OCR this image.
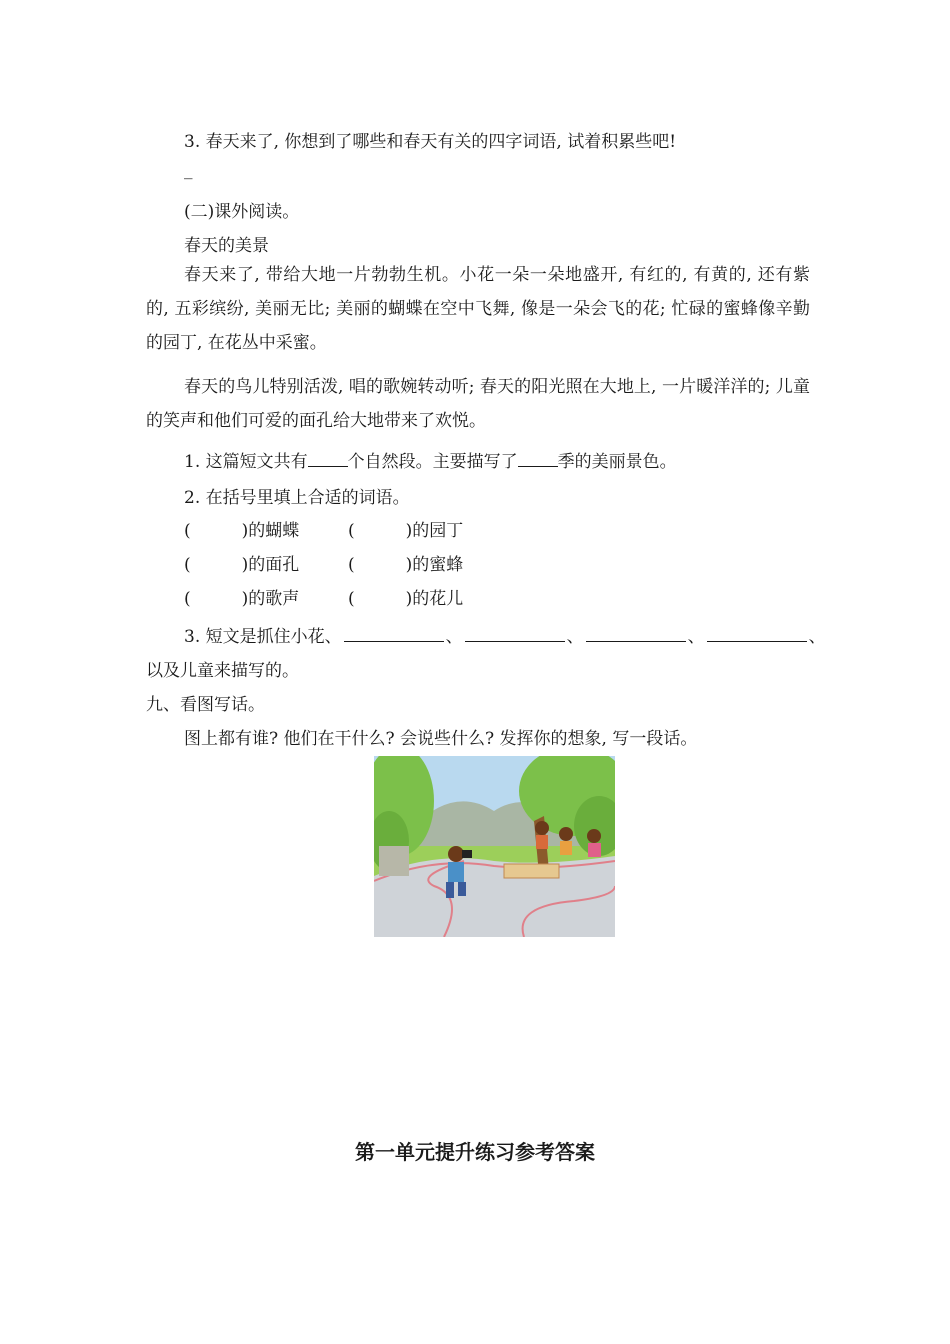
3. 春天来了, 你想到了哪些和春天有关的四字词语, 试着积累些吧!
_
(二)课外阅读。
春天的美景
春天来了, 带给大地一片勃勃生机。小花一朵一朵地盛开, 有红的, 有黄的, 还有紫的, 五彩缤纷, 美丽无比; 美丽的蝴蝶在空中飞舞, 像是一朵会飞的花; 忙碌的蜜蜂像辛勤的园丁, 在花丛中采蜜。
春天的鸟儿特别活泼, 唱的歌婉转动听; 春天的阳光照在大地上, 一片暖洋洋的; 儿童的笑声和他们可爱的面孔给大地带来了欢悦。
1. 这篇短文共有 个自然段。主要描写了 季的美丽景色。
2. 在括号里填上合适的词语。
(　　　)的蝴蝶	(　　　)的园丁
(　　　)的面孔	(　　　)的蜜蜂
(　　　)的歌声	(　　　)的花儿
3. 短文是抓住小花、	、	、	、	、
以及儿童来描写的。
九、看图写话。
图上都有谁? 他们在干什么? 会说些什么? 发挥你的想象, 写一段话。
第一单元提升练习参考答案
